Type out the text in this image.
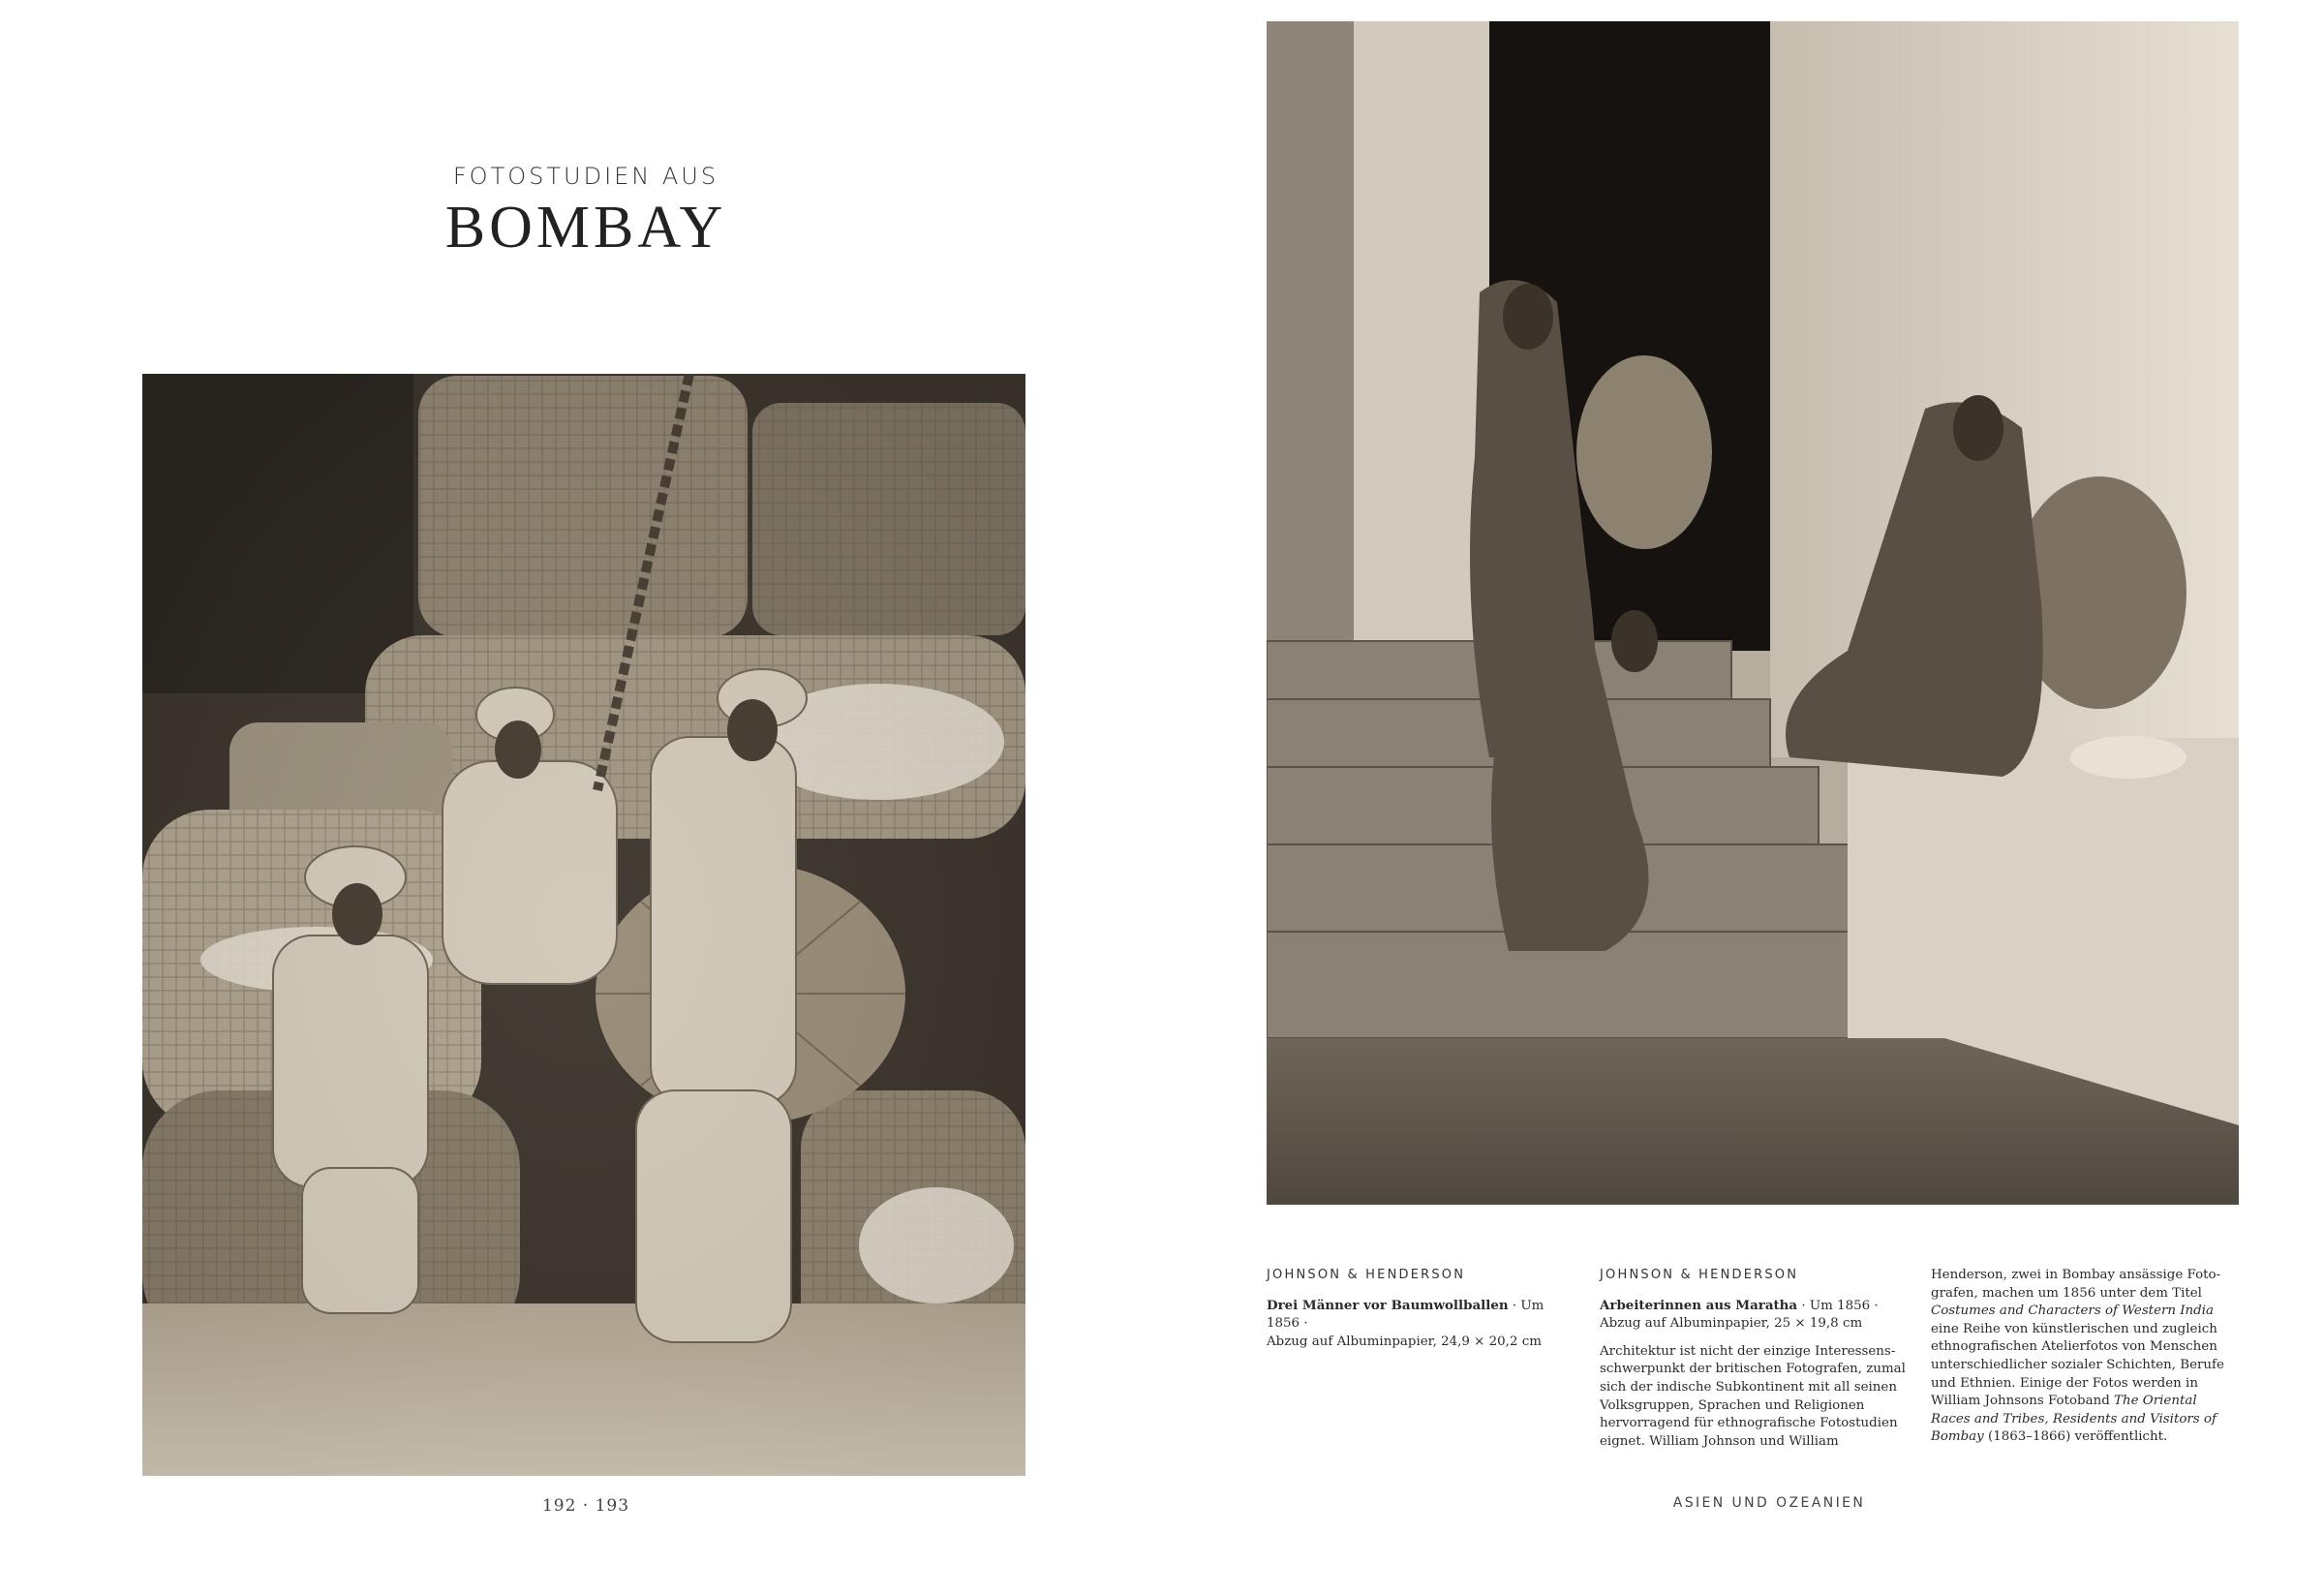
FOTOSTUDIEN AUS
BOMBAY
192 · 193
JOHNSON & HENDERSON
Drei Männer vor Baumwollballen · Um 1856 ·
Abzug auf Albuminpapier, 24,9 × 20,2 cm
JOHNSON & HENDERSON
Arbeiterinnen aus Maratha · Um 1856 ·
Abzug auf Albuminpapier, 25 × 19,8 cm
Architektur ist nicht der einzige Interessensschwerpunkt der britischen Fotografen, zumal sich der indische Subkontinent mit all seinen Volksgruppen, Sprachen und Religionen hervorragend für ethnografische Fotostudien eignet. William Johnson und William
Henderson, zwei in Bombay ansässige Fotografen, machen um 1856 unter dem Titel Costumes and Characters of Western India eine Reihe von künstlerischen und zugleich ethnografischen Atelierfotos von Menschen unterschiedlicher sozialer Schichten, Berufe und Ethnien. Einige der Fotos werden in William Johnsons Fotoband The Oriental Races and Tribes, Residents and Visitors of Bombay (1863–1866) veröffentlicht.
ASIEN UND OZEANIEN
